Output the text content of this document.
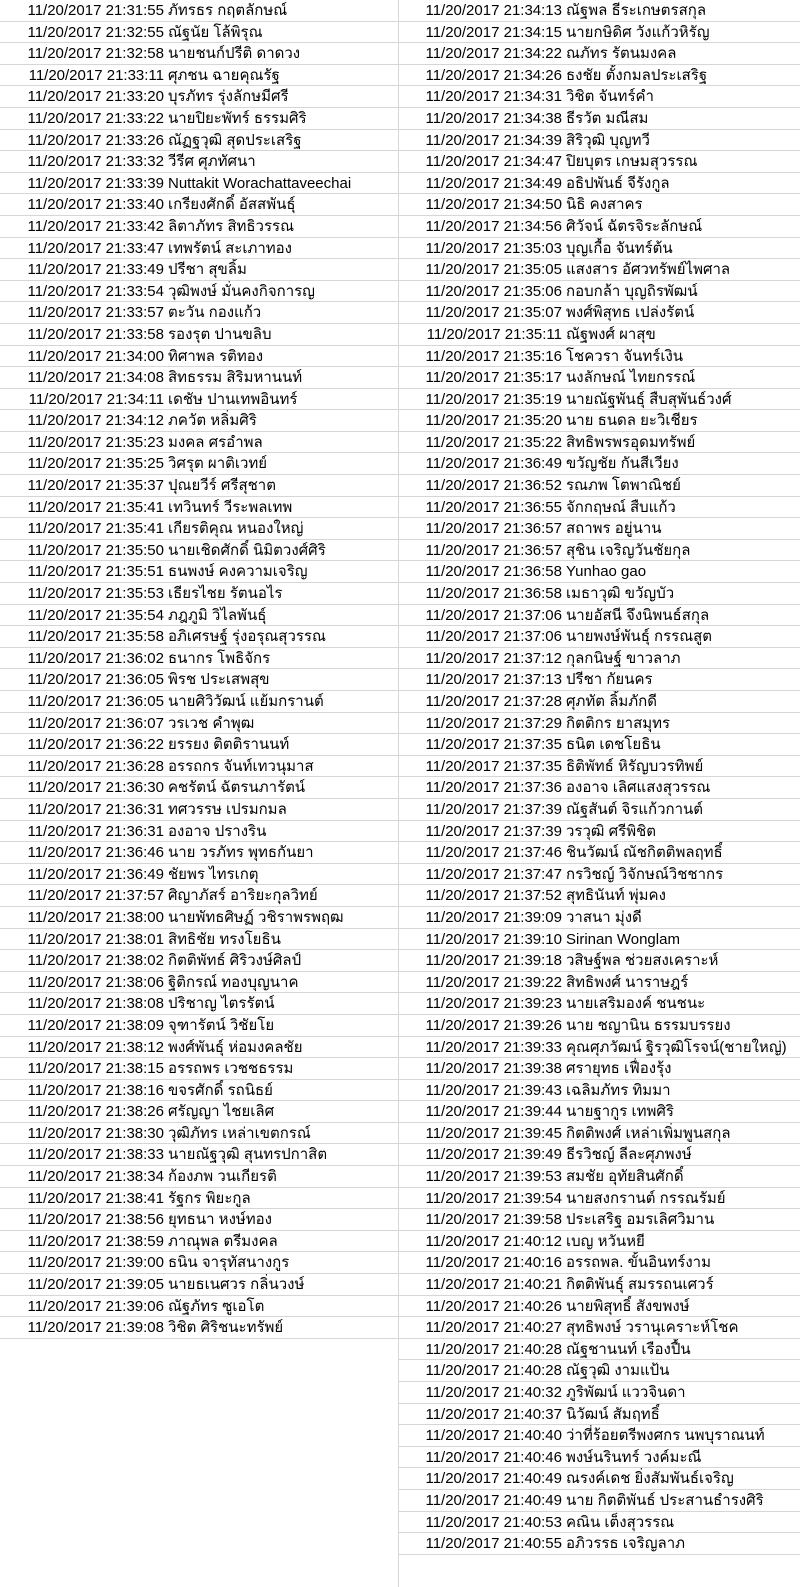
11/20/2017 21:31:55 ภัทรธร กฤตลักษณ์
11/20/2017 21:32:55 ณัฐนัย โล้พิรุณ
11/20/2017 21:32:58 นายชนก์ปรีติ ดาดวง
11/20/2017 21:33:11 ศุภชน ฉายคุณรัฐ
11/20/2017 21:33:20 บุรภัทร รุ่งลักษมีศรี
11/20/2017 21:33:22 นายปิยะพัทร์ ธรรมศิริ
11/20/2017 21:33:26 ณัฏฐวุฒิ สุดประเสริฐ
11/20/2017 21:33:32 วีรีศ ศุภทัศนา
11/20/2017 21:33:39 Nuttakit Worachattaveechai
11/20/2017 21:33:40 เกรียงศักดิ์ อัสสพันธุ์
11/20/2017 21:33:42 ลิตาภัทร สิทธิวรรณ
11/20/2017 21:33:47 เทพรัตน์ สะเภาทอง
11/20/2017 21:33:49 ปรีชา สุขลิ้ม
11/20/2017 21:33:54 วุฒิพงษ์ มั่นคงกิจการญ
11/20/2017 21:33:57 ตะวัน กองแก้ว
11/20/2017 21:33:58 รองรุต ปานขลิบ
11/20/2017 21:34:00 ทิศาพล รติทอง
11/20/2017 21:34:08 สิทธรรม สิริมหานนท์
11/20/2017 21:34:11 เดชัษ ปานเทพอินทร์
11/20/2017 21:34:12 ภควัต หลิ่มศิริ
11/20/2017 21:35:23 มงคล ศรอำพล
11/20/2017 21:35:25 วิศรุต ผาติเวทย์
11/20/2017 21:35:37 ปุณยวีร์ ศรีสุชาต
11/20/2017 21:35:41 เทวินทร์ วีระพลเทพ
11/20/2017 21:35:41 เกียรติคุณ หนองใหญ่
11/20/2017 21:35:50 นายเชิดศักดิ์ นิมิตวงศ์ศิริ
11/20/2017 21:35:51 ธนพงษ์ คงความเจริญ
11/20/2017 21:35:53 เธียรไชย รัตนอไร
11/20/2017 21:35:54 ภฎภูมิ วิไลพันธุ์
11/20/2017 21:35:58 อภิเศรษฐ์ รุ่งอรุณสุวรรณ
11/20/2017 21:36:02 ธนากร โพธิจักร
11/20/2017 21:36:05 พิรช ประเสพสุข
11/20/2017 21:36:05 นายศิวิวัฒน์ แย้มกรานต์
11/20/2017 21:36:07 วรเวช คำพุฒ
11/20/2017 21:36:22 ยรรยง ติตติรานนท์
11/20/2017 21:36:28 อรรถกร จันท์เทวนุมาส
11/20/2017 21:36:30 คชรัตน์ ฉัตรนภารัตน์
11/20/2017 21:36:31 ทศวรรษ เปรมกมล
11/20/2017 21:36:31 องอาจ ปรางริน
11/20/2017 21:36:46 นาย วรภัทร พุทธกันยา
11/20/2017 21:36:49 ชัยพร ไทรเกตุ
11/20/2017 21:37:57 ศิญาภัสร์ อาริยะกุลวิทย์
11/20/2017 21:38:00 นายพัทธศิษฏ์ วชิราพรพฤฒ
11/20/2017 21:38:01 สิทธิชัย ทรงโยธิน
11/20/2017 21:38:02 กิตติพัทธ์ ศิริวงษ์ศิลป์
11/20/2017 21:38:06 ฐิติกรณ์ ทองบุญนาค
11/20/2017 21:38:08 ปริชาญ ไตรรัตน์
11/20/2017 21:38:09 จุฑารัตน์ วิชัยโย
11/20/2017 21:38:12 พงศ์พันธุ์ ห่อมงคลชัย
11/20/2017 21:38:15 อรรถพร เวชชธรรม
11/20/2017 21:38:16 ขจรศักดิ์ รถนิธย์
11/20/2017 21:38:26 ศรัญญา ไชยเลิศ
11/20/2017 21:38:30 วุฒิภัทร เหล่าเขตกรณ์
11/20/2017 21:38:33 นายณัฐวุฒิ สุนทรปกาสิต
11/20/2017 21:38:34 ก้องภพ วนเกียรติ
11/20/2017 21:38:41 รัฐกร พิยะกูล
11/20/2017 21:38:56 ยุทธนา หงษ์ทอง
11/20/2017 21:38:59 ภาณุพล ตรีมงคล
11/20/2017 21:39:00 ธนิน จารุทัสนางกูร
11/20/2017 21:39:05 นายธเนศวร กลิ่นวงษ์
11/20/2017 21:39:06 ณัฐภัทร ซูเอโต
11/20/2017 21:39:08 วิชิต ศิริชนะทรัพย์
11/20/2017 21:34:13 ณัฐพล ธีระเกษตรสกุล
11/20/2017 21:34:15 นายกษิดิศ วังแก้วหิรัญ
11/20/2017 21:34:22 ณภัทร รัตนมงคล
11/20/2017 21:34:26 ธงชัย ตั้งกมลประเสริฐ
11/20/2017 21:34:31 วิชิต จันทร์คำ
11/20/2017 21:34:38 ธีรวัต มณีสม
11/20/2017 21:34:39 สิริวุฒิ บุญทวี
11/20/2017 21:34:47 ปิยบุตร เกษมสุวรรณ
11/20/2017 21:34:49 อธิปพันธ์ จีรังกูล
11/20/2017 21:34:50 นิธิ คงสาคร
11/20/2017 21:34:56 ศิวัจน์ ฉัตรจิระลักษณ์
11/20/2017 21:35:03 บุญเกื้อ จันทร์ต้น
11/20/2017 21:35:05 แสงสาร อัศวทรัพย์ไพศาล
11/20/2017 21:35:06 กอบกล้า บุญถิรพัฒน์
11/20/2017 21:35:07 พงศ์พิสุทธ เปล่งรัตน์
11/20/2017 21:35:11 ณัฐพงศ์ ผาสุข
11/20/2017 21:35:16 โชควรา จันทร์เงิน
11/20/2017 21:35:17 นงลักษณ์ ไทยกรรณ์
11/20/2017 21:35:19 นายณัฐพันธุ์ สืบสุพันธ์วงศ์
11/20/2017 21:35:20 นาย ธนดล ยะวิเชียร
11/20/2017 21:35:22 สิทธิพรพรอุดมทรัพย์
11/20/2017 21:36:49 ขวัญชัย กันสีเวียง
11/20/2017 21:36:52 รณภพ โตพาณิชย์
11/20/2017 21:36:55 จักกฤษณ์ สืบแก้ว
11/20/2017 21:36:57 สถาพร อยู่นาน
11/20/2017 21:36:57 สุชิน เจริญวันชัยกุล
11/20/2017 21:36:58 Yunhao gao
11/20/2017 21:36:58 เมธาวุฒิ ขวัญบัว
11/20/2017 21:37:06 นายอัสนี จึงนิพนธ์สกุล
11/20/2017 21:37:06 นายพงษ์พันธุ์ กรรณสูต
11/20/2017 21:37:12 กุลกนิษฐ์ ขาวลาภ
11/20/2017 21:37:13 ปรีชา กัยนคร
11/20/2017 21:37:28 ศุภทัต ลิ้มภักดี
11/20/2017 21:37:29 กิตติกร ยาสมุทร
11/20/2017 21:37:35 ธนิต เดชโยธิน
11/20/2017 21:37:35 ธิติพัทธ์ หิรัญบวรทิพย์
11/20/2017 21:37:36 องอาจ เลิศแสงสุวรรณ
11/20/2017 21:37:39 ณัฐสันต์ จิรแก้วกานต์
11/20/2017 21:37:39 วรวุฒิ ศรีพิชิต
11/20/2017 21:37:46 ชินวัฒน์ ณัชกิตติพลฤทธิ์
11/20/2017 21:37:47 กรวิชญ์ วิจักษณ์วิชชากร
11/20/2017 21:37:52 สุทธินันท์ พุ่มคง
11/20/2017 21:39:09 วาสนา มุ่งดี
11/20/2017 21:39:10 Sirinan Wonglam
11/20/2017 21:39:18 วสิษฐ์พล ช่วยสงเคราะห์
11/20/2017 21:39:22 สิทธิพงศ์ นาราษฎร์
11/20/2017 21:39:23 นายเสริมองค์ ชนชนะ
11/20/2017 21:39:26 นาย ชญานิน ธรรมบรรยง
11/20/2017 21:39:33 คุณศุภวัฒน์ ฐิรวุฒิโรจน์(ชายใหญ่)
11/20/2017 21:39:38 ศรายุทธ เฟื่องรุ้ง
11/20/2017 21:39:43 เฉลิมภัทร ทิมมา
11/20/2017 21:39:44 นายฐากูร เทพศิริ
11/20/2017 21:39:45 กิตติพงศ์ เหล่าเพิ่มพูนสกุล
11/20/2017 21:39:49 ธีรวิชญ์ ลีละศุภพงษ์
11/20/2017 21:39:53 สมชัย อุทัยสินศักดิ์
11/20/2017 21:39:54 นายสงกรานต์ กรรณรัมย์
11/20/2017 21:39:58 ประเสริฐ อมรเลิศวิมาน
11/20/2017 21:40:12 เบญ หวันหยี
11/20/2017 21:40:16 อรรถพล. ขั้นอินทร์งาม
11/20/2017 21:40:21 กิตติพันธุ์ สมรรถนเศวร์
11/20/2017 21:40:26 นายพิสุทธิ์ สังขพงษ์
11/20/2017 21:40:27 สุทธิพงษ์ วรานุเคราะห์โชค
11/20/2017 21:40:28 ณัฐชานนท์ เรืองปื้น
11/20/2017 21:40:28 ณัฐวุฒิ งามแป้น
11/20/2017 21:40:32 ภูริพัฒน์ แววจินดา
11/20/2017 21:40:37 นิวัฒน์ สัมฤทธิ์
11/20/2017 21:40:40 ว่าที่ร้อยตรีพงศกร นพบุราณนท์
11/20/2017 21:40:46 พงษ์นรินทร์ วงค์มะณี
11/20/2017 21:40:49 ณรงค์เดช ยิ่งสัมพันธ์เจริญ
11/20/2017 21:40:49 นาย กิตติพันธ์ ประสานธำรงศิริ
11/20/2017 21:40:53 คณิน เต็งสุวรรณ
11/20/2017 21:40:55 อภิวรรธ เจริญลาภ
